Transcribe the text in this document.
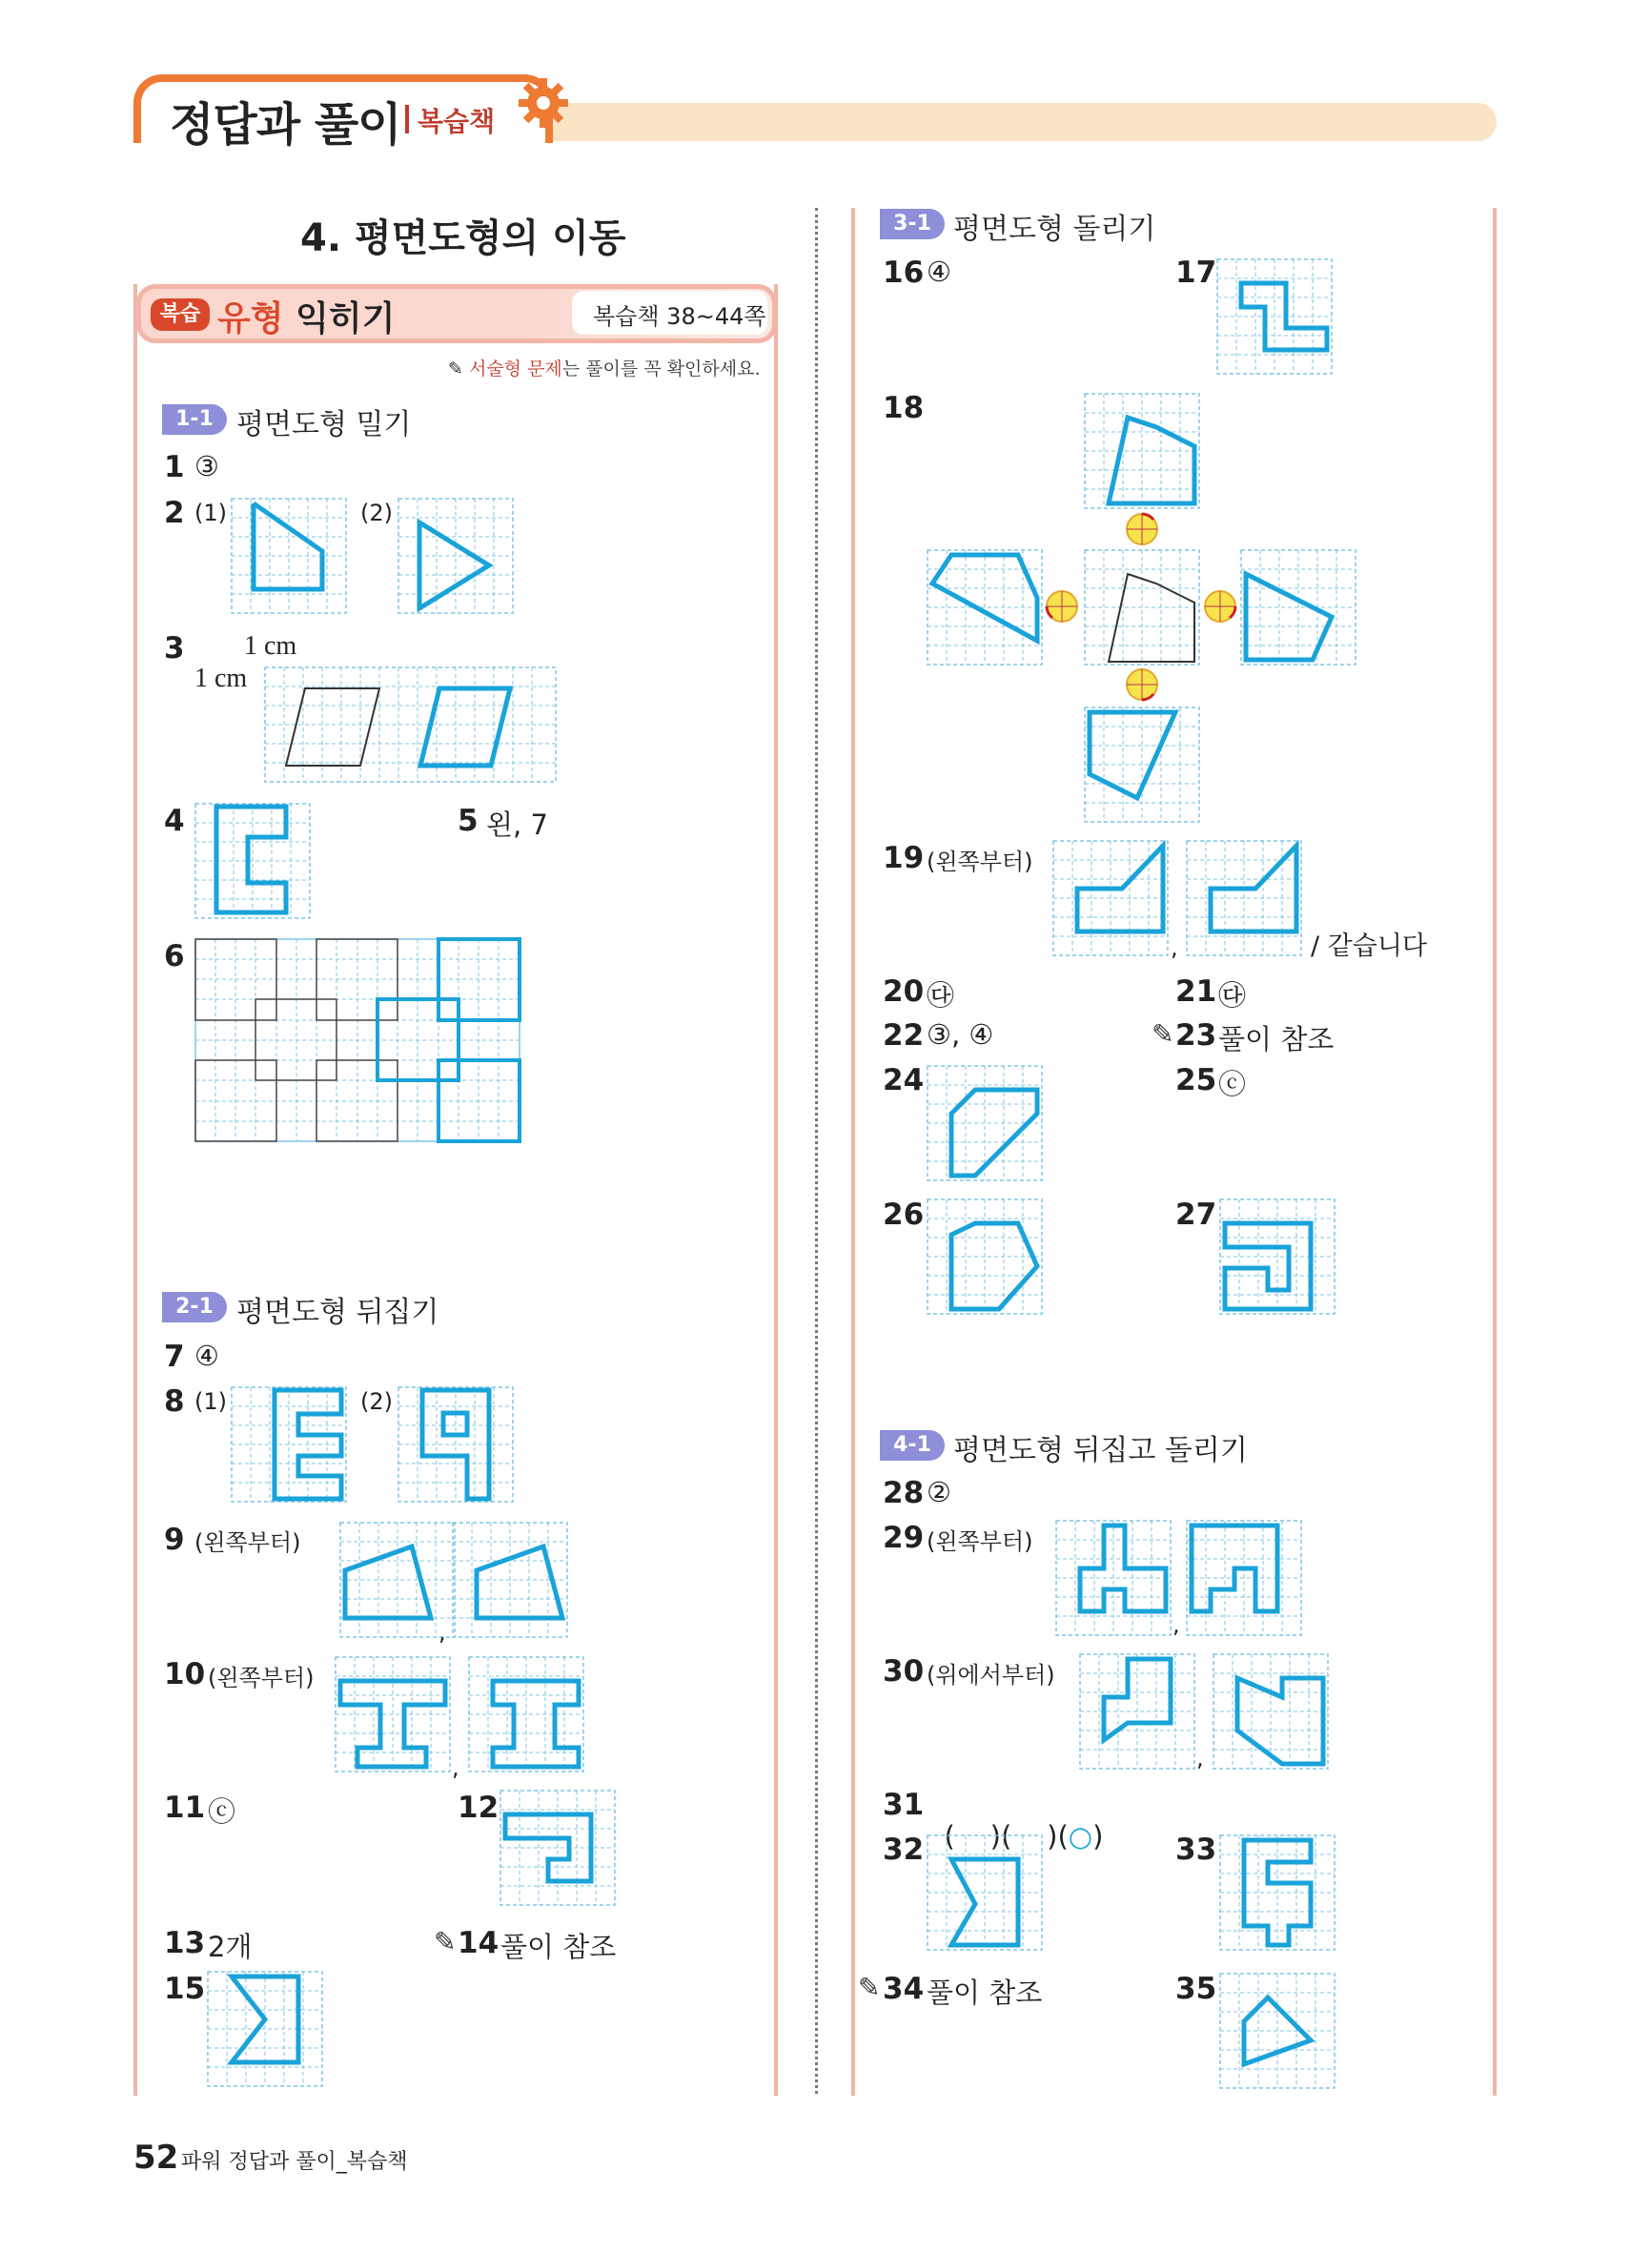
정답과 풀이 복습책
4. 평면도형의 이동
복습 유형 익히기	복습책 38~44쪽
✎ 서술형 문제는 풀이를 꼭 확인하세요.
1-1 평면도형 밀기
1 ③
2 (1)	(2)
3 1 cm
1 cm
4	5 왼, 7
6
2-1 평면도형 뒤집기
7 ④
8 (1)	(2)
9 (왼쪽부터)
,
10 (왼쪽부터)
,
11 ⓒ	12
13 2개	✎ 14 풀이 참조
15
3-1 평면도형 돌리기
16 ④	17
18
19 (왼쪽부터)
,	/ 같습니다
20 ㉰	21 ㉰
22 ③, ④	✎ 23 풀이 참조
24	25 ⓒ
26	27
4-1 평면도형 뒤집고 돌리기
28 ②
29 (왼쪽부터)
,
30 (위에서부터)
,
31

( )( )(○)

32	33
✎ 34 풀이 참조	35
52 파워 정답과 풀이_복습책
